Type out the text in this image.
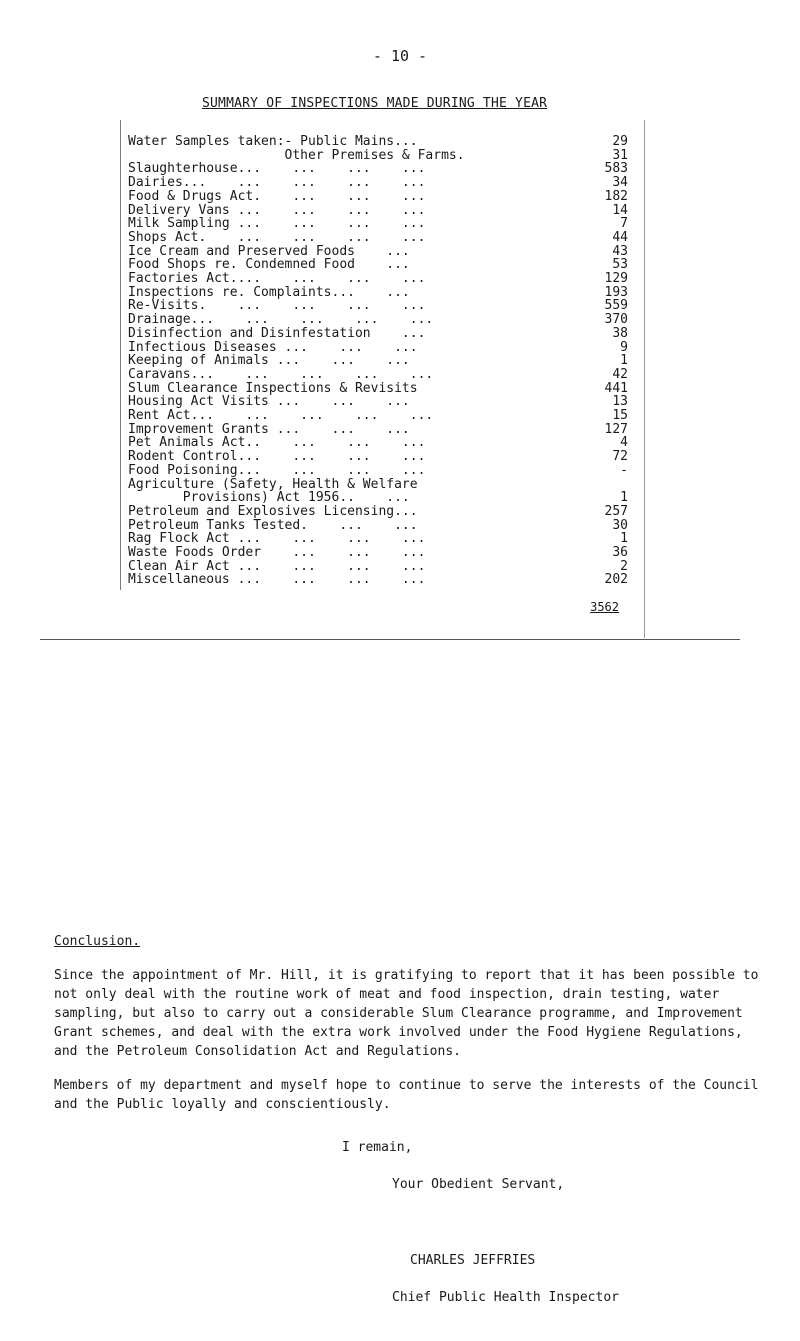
- 10 -
SUMMARY OF INSPECTIONS MADE DURING THE YEAR
Water Samples taken:- Public Mains...	29
Other Premises & Farms.	31
Slaughterhouse...    ...    ...    ...	583
Dairies...    ...    ...    ...    ...	34
Food & Drugs Act.    ...    ...    ...	182
Delivery Vans ...    ...    ...    ...	14
Milk Sampling ...    ...    ...    ...	7
Shops Act.    ...    ...    ...    ...	44
Ice Cream and Preserved Foods    ...	43
Food Shops re. Condemned Food    ...	53
Factories Act....    ...    ...    ...	129
Inspections re. Complaints...    ...	193
Re-Visits.    ...    ...    ...    ...	559
Drainage...    ...    ...    ...    ...	370
Disinfection and Disinfestation    ...	38
Infectious Diseases ...    ...    ...	9
Keeping of Animals ...    ...    ...	1
Caravans...    ...    ...    ...    ...	42
Slum Clearance Inspections & Revisits	441
Housing Act Visits ...    ...    ...	13
Rent Act...    ...    ...    ...    ...	15
Improvement Grants ...    ...    ...	127
Pet Animals Act..    ...    ...    ...	4
Rodent Control...    ...    ...    ...	72
Food Poisoning...    ...    ...    ...	-
Agriculture (Safety, Health & Welfare
Provisions) Act 1956..    ...	1
Petroleum and Explosives Licensing...	257
Petroleum Tanks Tested.    ...    ...	30
Rag Flock Act ...    ...    ...    ...	1
Waste Foods Order    ...    ...    ...	36
Clean Air Act ...    ...    ...    ...	2
Miscellaneous ...    ...    ...    ...	202
3562
Conclusion.
Since the appointment of Mr. Hill, it is gratifying to report that it has been possible to not only deal with the routine work of meat and food inspection, drain testing, water sampling, but also to carry out a considerable Slum Clearance programme, and Improvement Grant schemes, and deal with the extra work involved under the Food Hygiene Regulations, and the Petroleum Consolidation Act and Regulations.
Members of my department and myself hope to continue to serve the interests of the Council and the Public loyally and conscientiously.
I remain,
Your Obedient Servant,
CHARLES JEFFRIES
Chief Public Health Inspector
